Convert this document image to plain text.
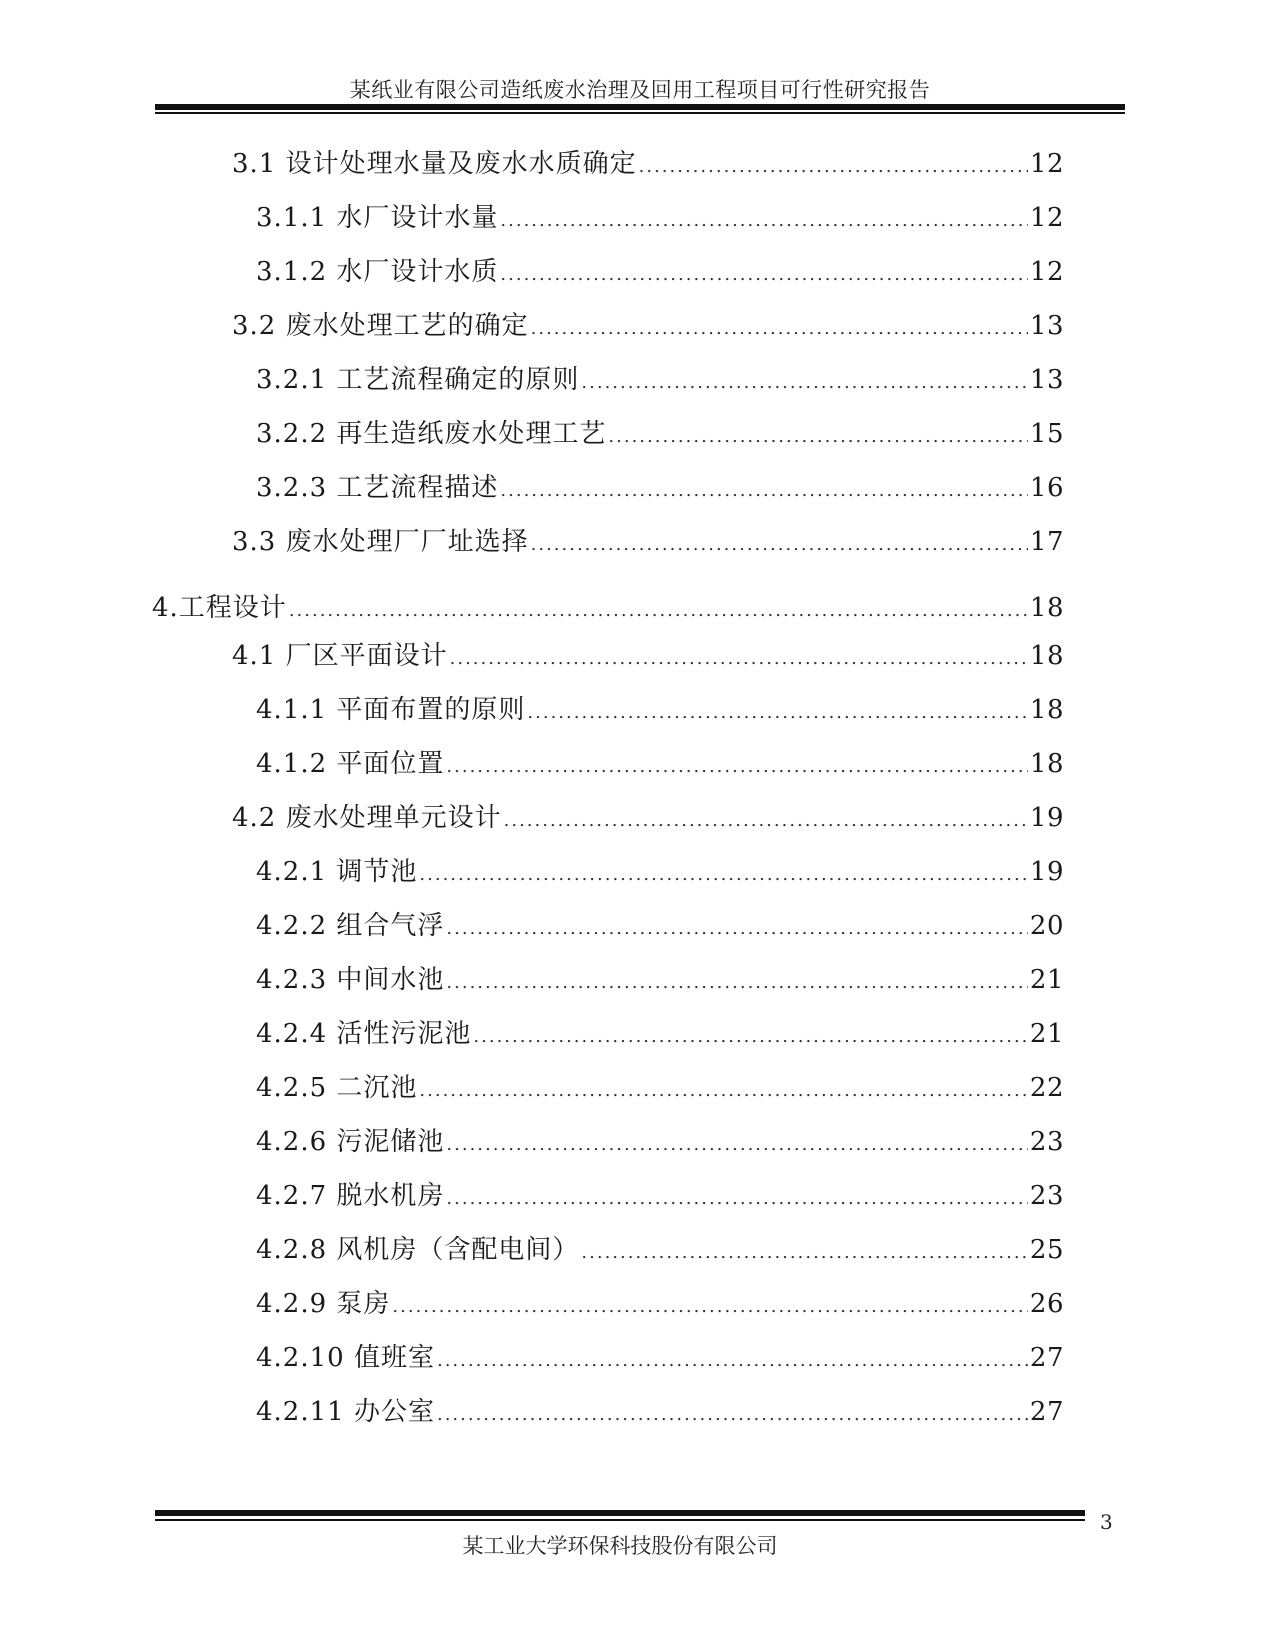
某纸业有限公司造纸废水治理及回用工程项目可行性研究报告
3.1 设计处理水量及废水水质确定 .....	12
3.1.1 水厂设计水量 .....	12
3.1.2 水厂设计水质 .....	12
3.2 废水处理工艺的确定 .....	13
3.2.1 工艺流程确定的原则 .....	13
3.2.2 再生造纸废水处理工艺 .....	15
3.2.3 工艺流程描述 .....	16
3.3 废水处理厂厂址选择 .....	17
4.工程设计 .....	18
4.1 厂区平面设计 .....	18
4.1.1 平面布置的原则 .....	18
4.1.2 平面位置 .....	18
4.2 废水处理单元设计 .....	19
4.2.1 调节池 .....	19
4.2.2 组合气浮 .....	20
4.2.3 中间水池 .....	21
4.2.4 活性污泥池 .....	21
4.2.5 二沉池 .....	22
4.2.6 污泥储池 .....	23
4.2.7 脱水机房 .....	23
4.2.8 风机房（含配电间） .....	25
4.2.9 泵房 .....	26
4.2.10 值班室 .....	27
4.2.11 办公室 .....	27
某工业大学环保科技股份有限公司
3
